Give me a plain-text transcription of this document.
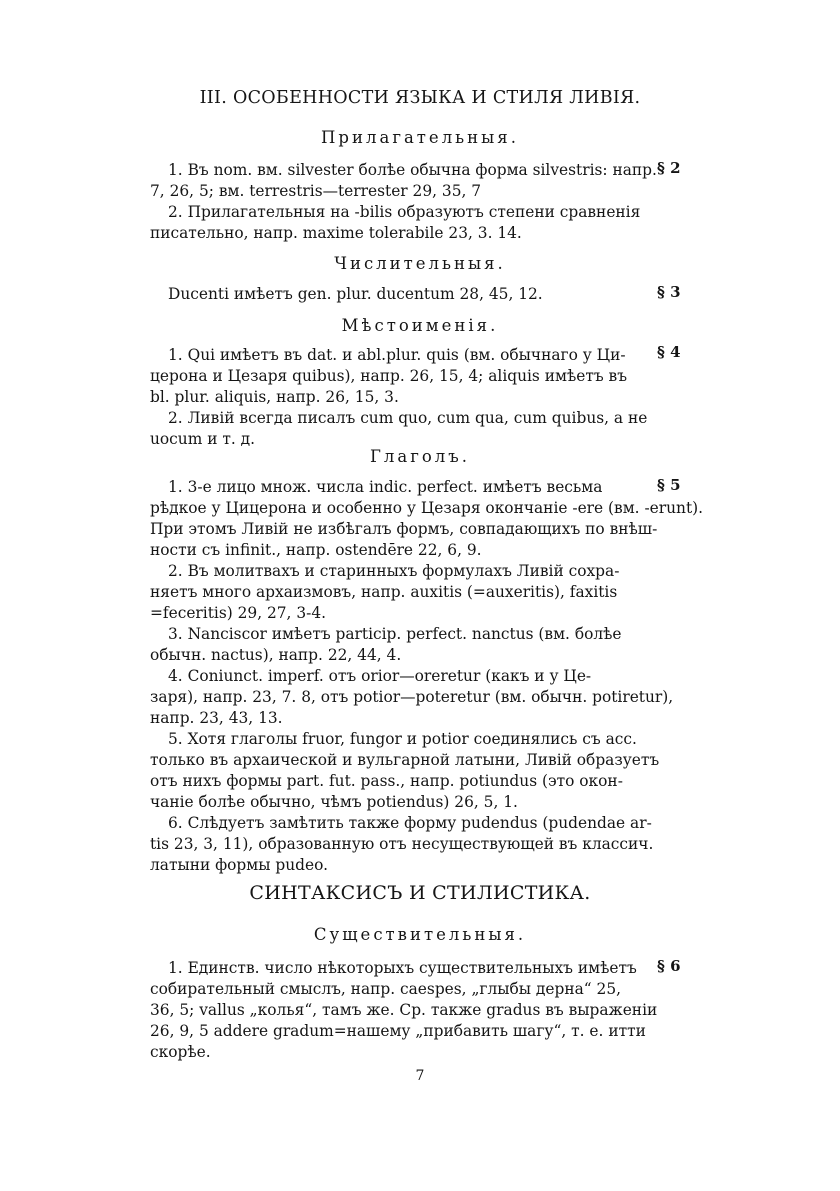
III. ОСОБЕННОСТИ ЯЗЫКА И СТИЛЯ ЛИВІЯ.
Прилагательныя.
1. Въ nom. вм. silvester болѣе обычна форма silvestris: напр.
7, 26, 5; вм. terrestris—terrester 29, 35, 7
2. Прилагательныя на -bilis образуютъ степени сравненія
писательно, напр. maxime tolerabile 23, 3. 14.
§ 2
Числительныя.
Ducenti имѣетъ gen. plur. ducentum 28, 45, 12.	§ 3
Мѣстоименія.
1. Qui имѣетъ въ dat. и abl.plur. quis (вм. обычнаго у Ци-
церона и Цезаря quibus), напр. 26, 15, 4; aliquis имѣетъ въ
bl. plur. aliquis, напр. 26, 15, 3.
2. Ливій всегда писалъ cum quo, cum qua, cum quibus, а не
uocum и т. д.
§ 4
Глаголъ.
1. 3-е лицо множ. числа indic. perfect. имѣетъ весьма
рѣдкое у Цицерона и особенно у Цезаря окончаніе -ere (вм. -erunt).
При этомъ Ливій не избѣгалъ формъ, совпадающихъ по внѣш-
ности съ infinit., напр. ostendēre 22, 6, 9.
2. Въ молитвахъ и старинныхъ формулахъ Ливій сохра-
няетъ много архаизмовъ, напр. auxitis (=auxeritis), faxitis
=feceritis) 29, 27, 3-4.
3. Nanciscor имѣетъ particip. perfect. nanctus (вм. болѣе
обычн. nactus), напр. 22, 44, 4.
4. Coniunct. imperf. отъ orior—oreretur (какъ и у Це-
заря), напр. 23, 7. 8, отъ potior—poteretur (вм. обычн. potiretur),
напр. 23, 43, 13.
5. Хотя глаголы fruor, fungor и potior соединялись съ acc.
только въ архаической и вульгарной латыни, Ливій образуетъ
отъ нихъ формы part. fut. pass., напр. potiundus (это окон-
чаніе болѣе обычно, чѣмъ potiendus) 26, 5, 1.
6. Слѣдуетъ замѣтить также форму pudendus (pudendae ar-
tis 23, 3, 11), образованную отъ несуществующей въ классич.
латыни формы pudeo.
§ 5
СИНТАКСИСЪ И СТИЛИСТИКА.
Существительныя.
1. Единств. число нѣкоторыхъ существительныхъ имѣетъ
собирательный смыслъ, напр. caespes, „глыбы дерна“ 25,
36, 5; vallus „колья“, тамъ же. Ср. также gradus въ выраженіи
26, 9, 5 addere gradum=нашему „прибавить шагу“, т. е. итти
скорѣе.
§ 6
7
